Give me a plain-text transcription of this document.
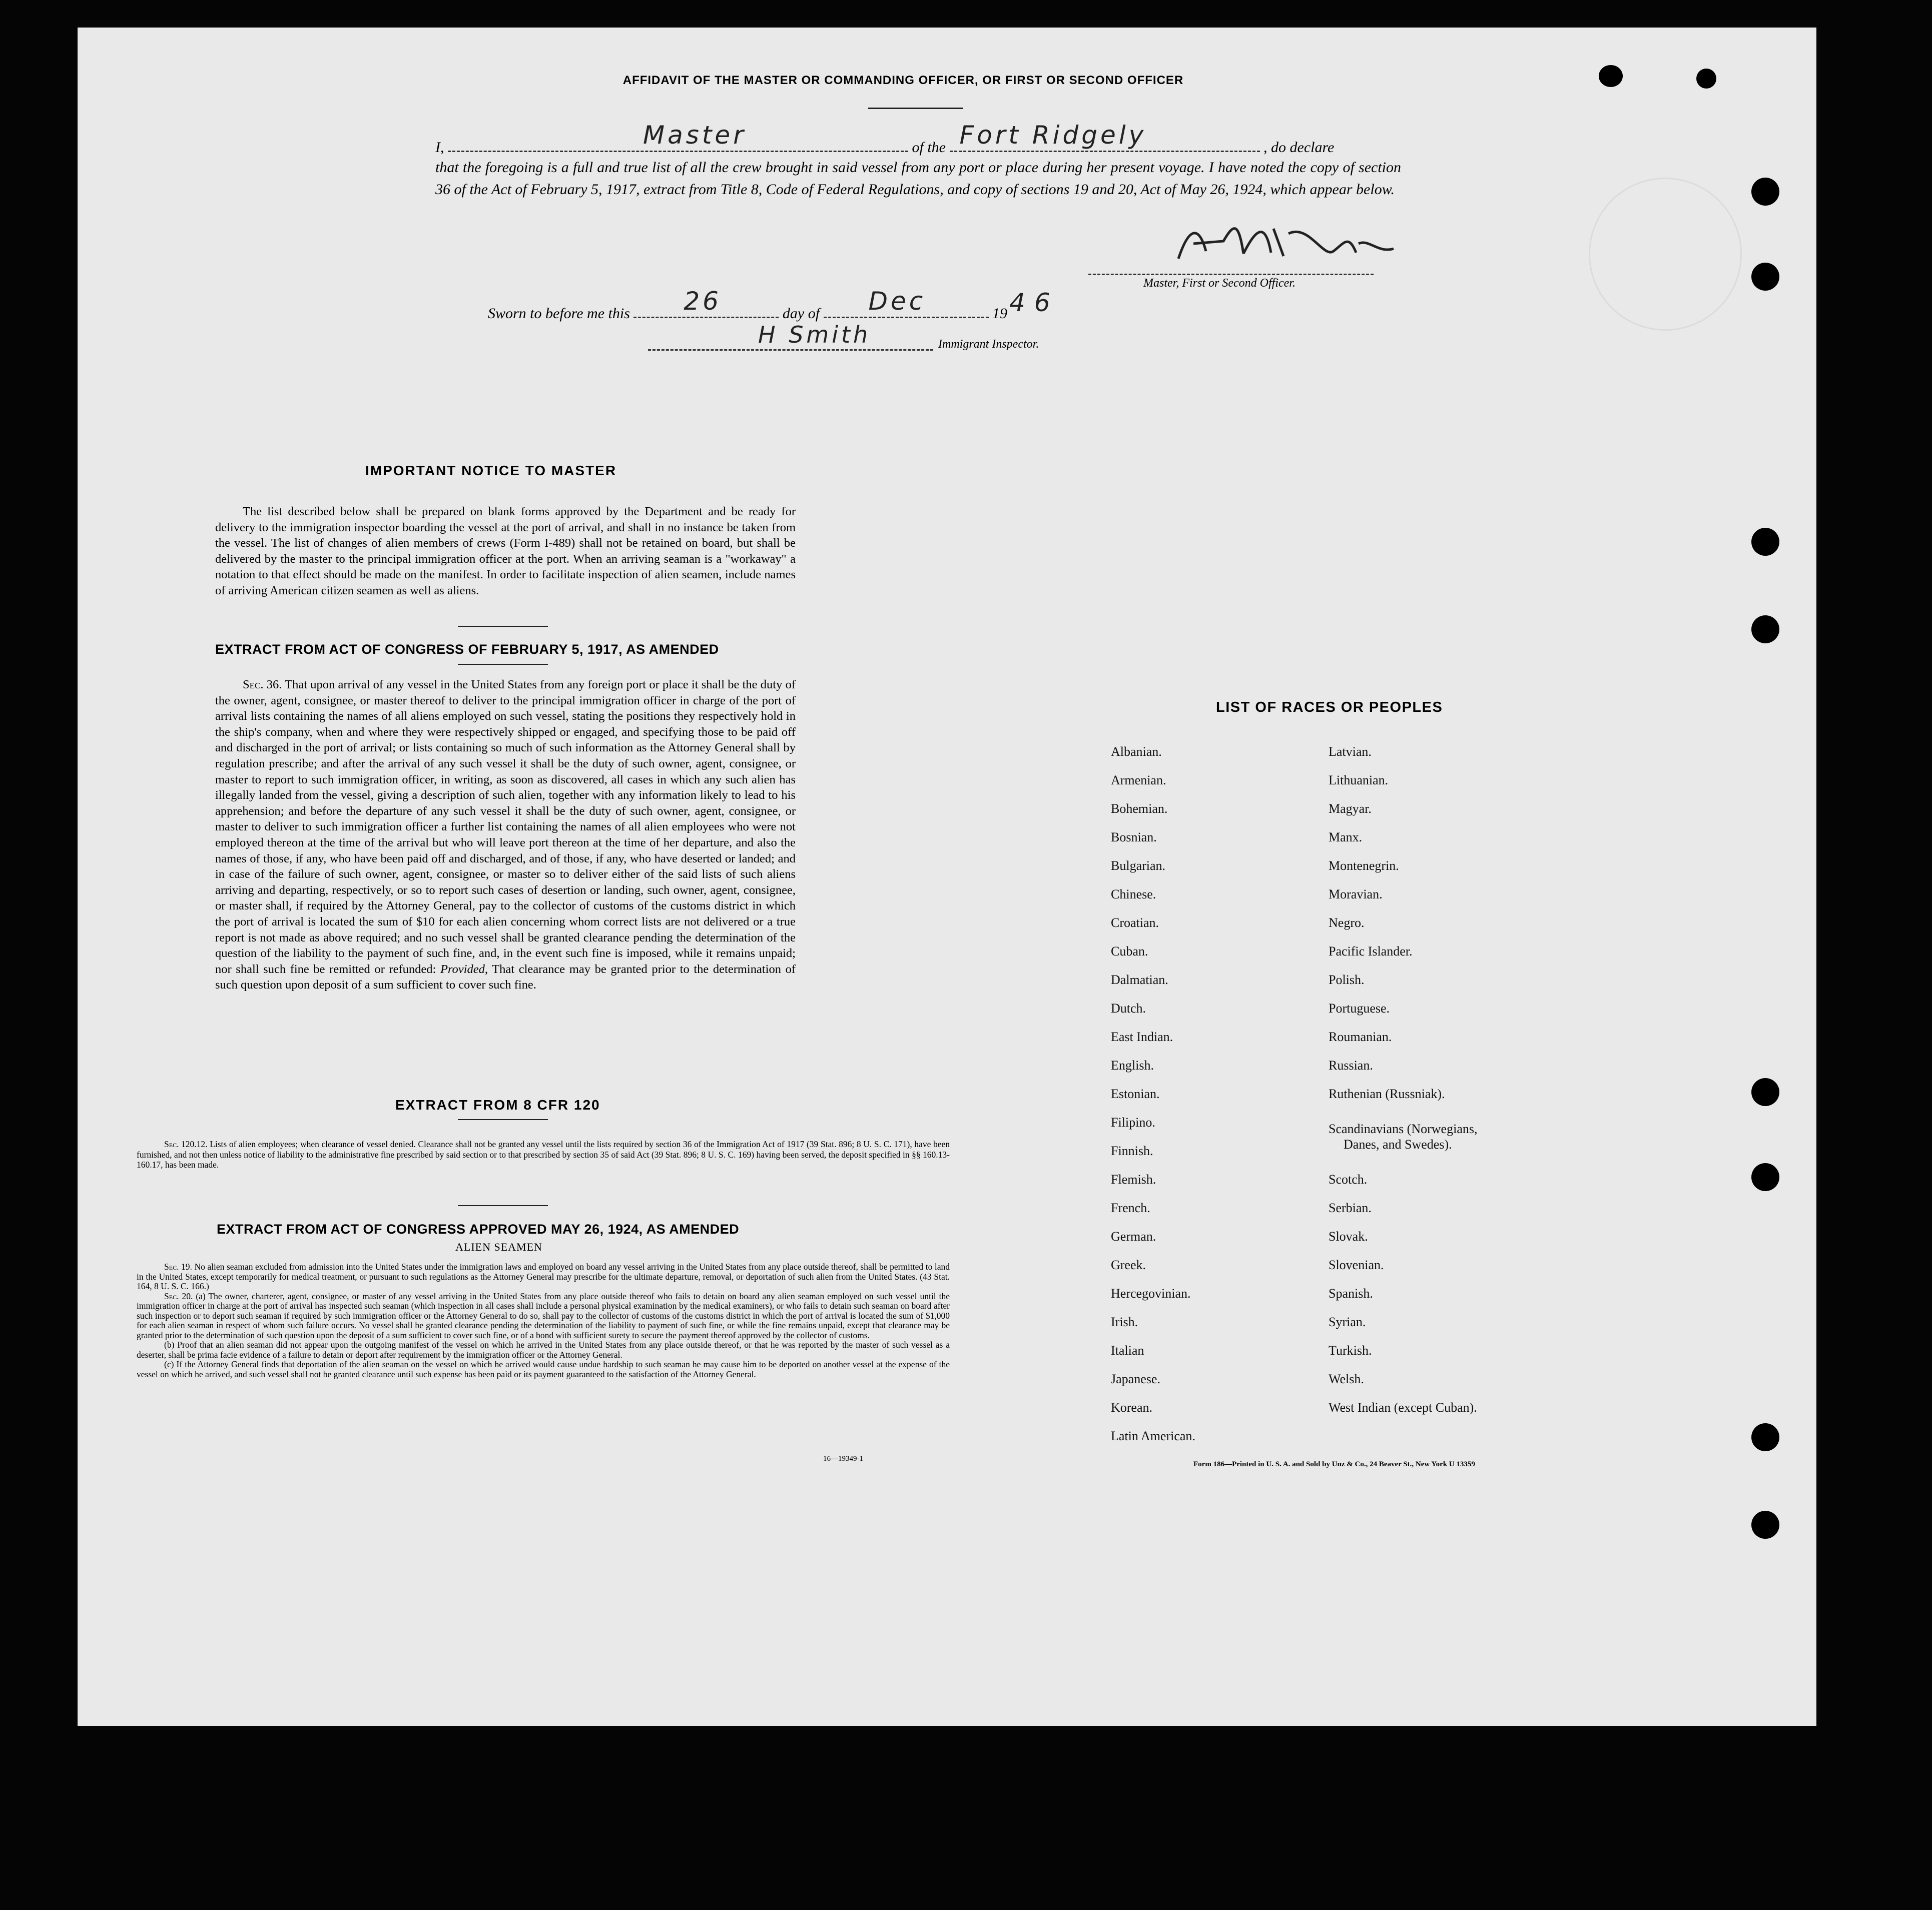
AFFIDAVIT OF THE MASTER OR COMMANDING OFFICER, OR FIRST OR SECOND OFFICER
I,	Master	of the Fort Ridgely	, do declare
that the foregoing is a full and true list of all the crew brought in said vessel from any port or place during her present voyage. I have noted the copy of section 36 of the Act of February 5, 1917, extract from Title 8, Code of Federal Regulations, and copy of sections 19 and 20, Act of May 26, 1924, which appear below.
Master, First or Second Officer.
Sworn to before me this 26	day of Dec	19 46
H Smith	Immigrant Inspector.
IMPORTANT NOTICE TO MASTER
The list described below shall be prepared on blank forms approved by the Department and be ready for delivery to the immigration inspector boarding the vessel at the port of arrival, and shall in no instance be taken from the vessel. The list of changes of alien members of crews (Form I-489) shall not be retained on board, but shall be delivered by the master to the principal immigration officer at the port. When an arriving seaman is a "workaway" a notation to that effect should be made on the manifest. In order to facilitate inspection of alien seamen, include names of arriving American citizen seamen as well as aliens.
EXTRACT FROM ACT OF CONGRESS OF FEBRUARY 5, 1917, AS AMENDED
Sec. 36. That upon arrival of any vessel in the United States from any foreign port or place it shall be the duty of the owner, agent, consignee, or master thereof to deliver to the principal immigration officer in charge of the port of arrival lists containing the names of all aliens employed on such vessel, stating the positions they respectively hold in the ship's company, when and where they were respectively shipped or engaged, and specifying those to be paid off and discharged in the port of arrival; or lists containing so much of such information as the Attorney General shall by regulation prescribe; and after the arrival of any such vessel it shall be the duty of such owner, agent, consignee, or master to report to such immigration officer, in writing, as soon as discovered, all cases in which any such alien has illegally landed from the vessel, giving a description of such alien, together with any information likely to lead to his apprehension; and before the departure of any such vessel it shall be the duty of such owner, agent, consignee, or master to deliver to such immigration officer a further list containing the names of all alien employees who were not employed thereon at the time of the arrival but who will leave port thereon at the time of her departure, and also the names of those, if any, who have been paid off and discharged, and of those, if any, who have deserted or landed; and in case of the failure of such owner, agent, consignee, or master so to deliver either of the said lists of such aliens arriving and departing, respectively, or so to report such cases of desertion or landing, such owner, agent, consignee, or master shall, if required by the Attorney General, pay to the collector of customs of the customs district in which the port of arrival is located the sum of $10 for each alien concerning whom correct lists are not delivered or a true report is not made as above required; and no such vessel shall be granted clearance pending the determination of the question of the liability to the payment of such fine, and, in the event such fine is imposed, while it remains unpaid; nor shall such fine be remitted or refunded: Provided, That clearance may be granted prior to the determination of such question upon deposit of a sum sufficient to cover such fine.
EXTRACT FROM 8 CFR 120
Sec. 120.12. Lists of alien employees; when clearance of vessel denied. Clearance shall not be granted any vessel until the lists required by section 36 of the Immigration Act of 1917 (39 Stat. 896; 8 U. S. C. 171), have been furnished, and not then unless notice of liability to the administrative fine prescribed by said section or to that prescribed by section 35 of said Act (39 Stat. 896; 8 U. S. C. 169) having been served, the deposit specified in §§ 160.13-160.17, has been made.
EXTRACT FROM ACT OF CONGRESS APPROVED MAY 26, 1924, AS AMENDED
ALIEN SEAMEN
Sec. 19. No alien seaman excluded from admission into the United States under the immigration laws and employed on board any vessel arriving in the United States from any place outside thereof, shall be permitted to land in the United States, except temporarily for medical treatment, or pursuant to such regulations as the Attorney General may prescribe for the ultimate departure, removal, or deportation of such alien from the United States. (43 Stat. 164, 8 U. S. C. 166.)
Sec. 20. (a) The owner, charterer, agent, consignee, or master of any vessel arriving in the United States from any place outside thereof who fails to detain on board any alien seaman employed on such vessel until the immigration officer in charge at the port of arrival has inspected such seaman (which inspection in all cases shall include a personal physical examination by the medical examiners), or who fails to detain such seaman on board after such inspection or to deport such seaman if required by such immigration officer or the Attorney General to do so, shall pay to the collector of customs of the customs district in which the port of arrival is located the sum of $1,000 for each alien seaman in respect of whom such failure occurs. No vessel shall be granted clearance pending the determination of the liability to payment of such fine, or while the fine remains unpaid, except that clearance may be granted prior to the determination of such question upon the deposit of a sum sufficient to cover such fine, or of a bond with sufficient surety to secure the payment thereof approved by the collector of customs.
(b) Proof that an alien seaman did not appear upon the outgoing manifest of the vessel on which he arrived in the United States from any place outside thereof, or that he was reported by the master of such vessel as a deserter, shall be prima facie evidence of a failure to detain or deport after requirement by the immigration officer or the Attorney General.
(c) If the Attorney General finds that deportation of the alien seaman on the vessel on which he arrived would cause undue hardship to such seaman he may cause him to be deported on another vessel at the expense of the vessel on which he arrived, and such vessel shall not be granted clearance until such expense has been paid or its payment guaranteed to the satisfaction of the Attorney General.
16—19349-1
LIST OF RACES OR PEOPLES
Albanian.
Armenian.
Bohemian.
Bosnian.
Bulgarian.
Chinese.
Croatian.
Cuban.
Dalmatian.
Dutch.
East Indian.
English.
Estonian.
Filipino.
Finnish.
Flemish.
French.
German.
Greek.
Hercegovinian.
Irish.
Italian
Japanese.
Korean.
Latin American.
Latvian.
Lithuanian.
Magyar.
Manx.
Montenegrin.
Moravian.
Negro.
Pacific Islander.
Polish.
Portuguese.
Roumanian.
Russian.
Ruthenian (Russniak).
Scandinavians (Norwegians,
Danes, and Swedes).
Scotch.
Serbian.
Slovak.
Slovenian.
Spanish.
Syrian.
Turkish.
Welsh.
West Indian (except Cuban).
Form 186—Printed in U. S. A. and Sold by Unz & Co., 24 Beaver St., New York U 13359
